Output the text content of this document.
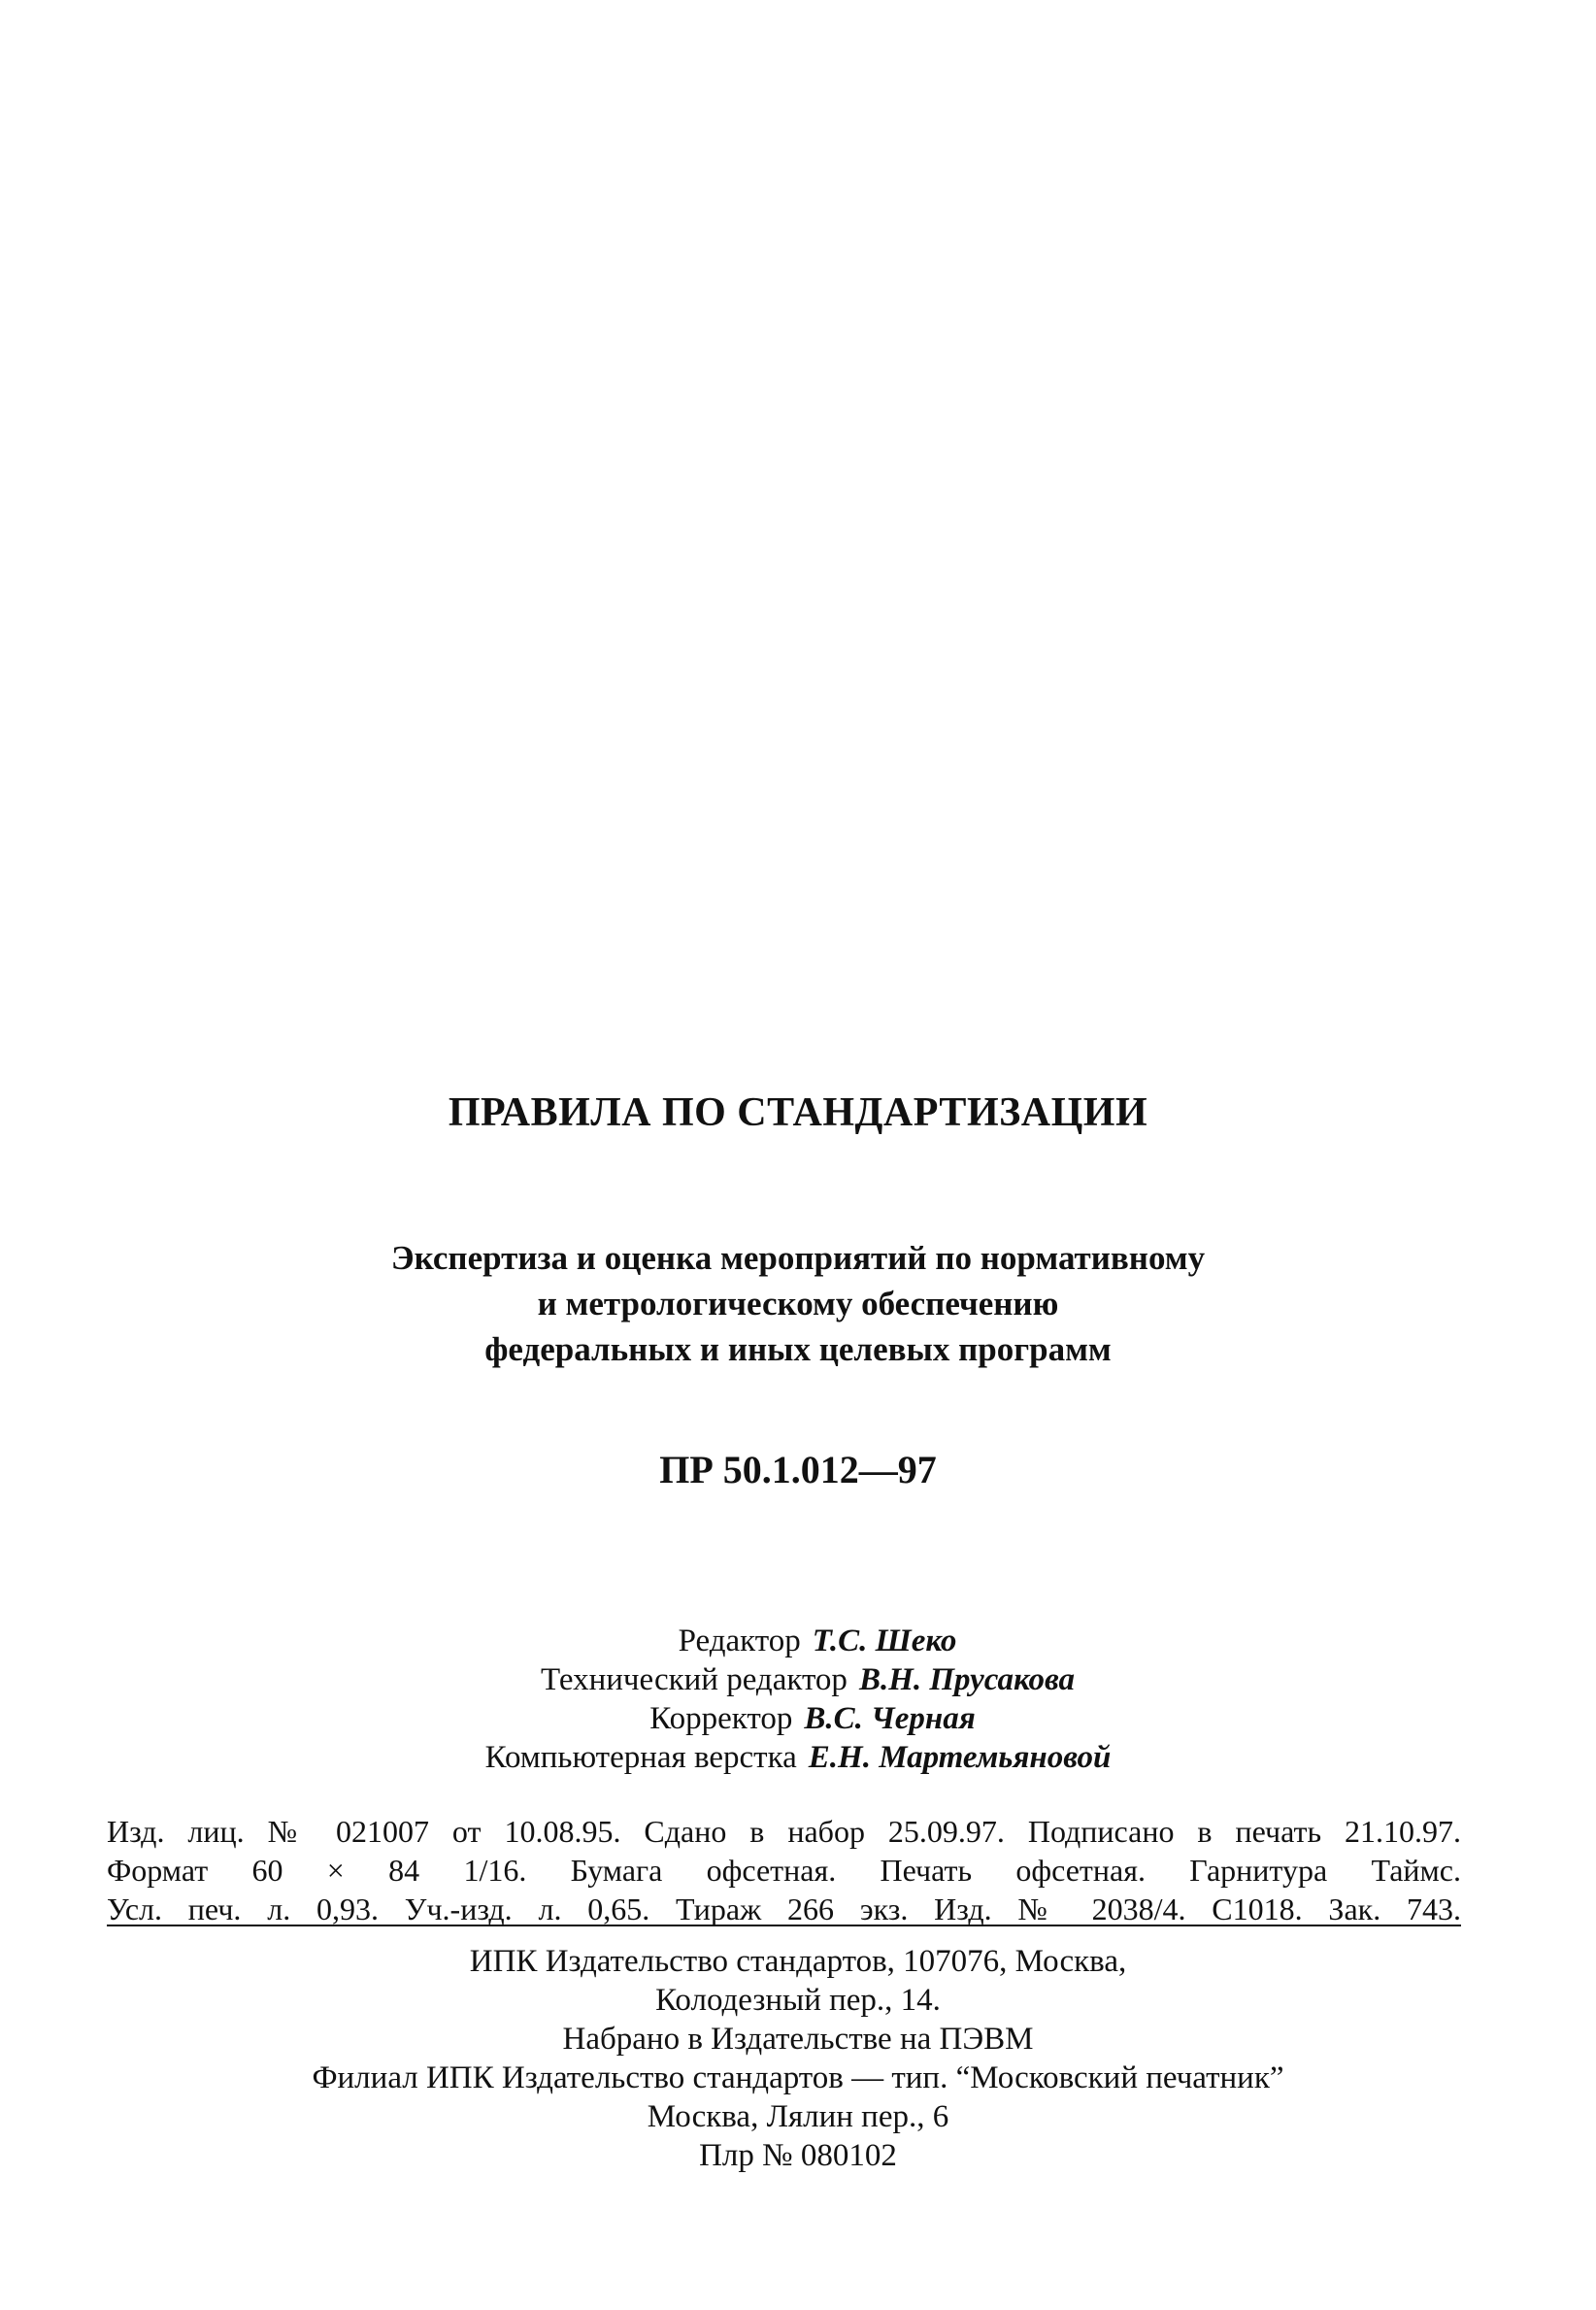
ПРАВИЛА ПО СТАНДАРТИЗАЦИИ
Экспертиза и оценка мероприятий по нормативному
и метрологическому обеспечению
федеральных и иных целевых программ
ПР 50.1.012—97
Редактор Т.С. Шеко
Технический редактор В.Н. Прусакова
Корректор В.С. Черная
Компьютерная верстка Е.Н. Мартемьяновой
Изд. лиц. № 021007 от 10.08.95. Сдано в набор 25.09.97. Подписано в печать 21.10.97.
Формат 60 × 84 1/16. Бумага офсетная. Печать офсетная. Гарнитура Таймс.
Усл. печ. л. 0,93. Уч.-изд. л. 0,65. Тираж 266 экз. Изд. № 2038/4. С1018. Зак. 743.
ИПК Издательство стандартов, 107076, Москва,
Колодезный пер., 14.
Набрано в Издательстве на ПЭВМ
Филиал ИПК Издательство стандартов — тип. “Московский печатник”
Москва, Лялин пер., 6
Плр № 080102
